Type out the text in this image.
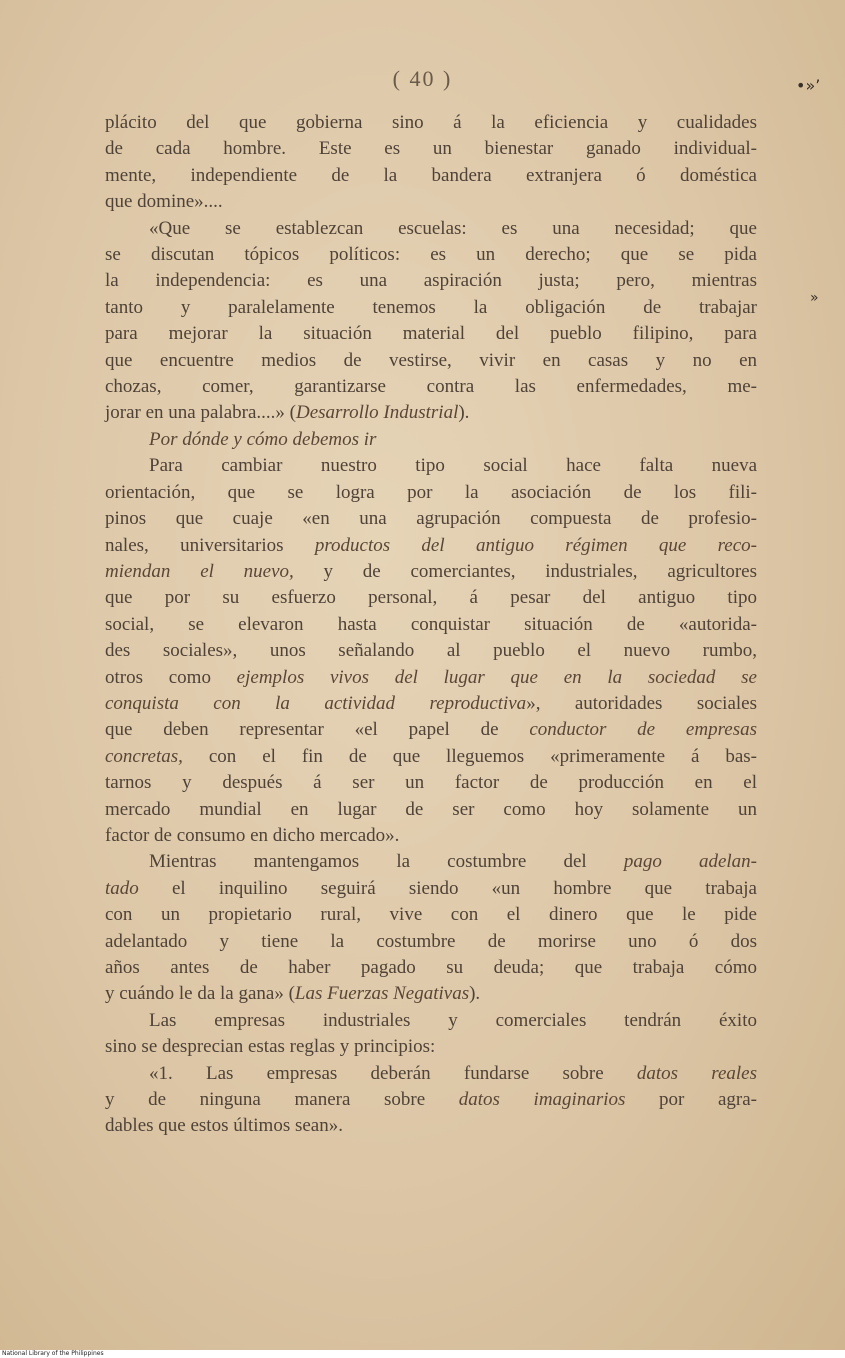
( 40 )	•»’
»
plácito del que gobierna sino á la eficiencia y cualidades
de cada hombre. Este es un bienestar ganado individual-
mente, independiente de la bandera extranjera ó doméstica
que domine»....
«Que se establezcan escuelas: es una necesidad; que
se discutan tópicos políticos: es un derecho; que se pida
la independencia: es una aspiración justa; pero, mientras
tanto y paralelamente tenemos la obligación de trabajar
para mejorar la situación material del pueblo filipino, para
que encuentre medios de vestirse, vivir en casas y no en
chozas, comer, garantizarse contra las enfermedades, me-
jorar en una palabra....» (Desarrollo Industrial).
Por dónde y cómo debemos ir
Para cambiar nuestro tipo social hace falta nueva
orientación, que se logra por la asociación de los fili-
pinos que cuaje «en una agrupación compuesta de profesio-
nales, universitarios productos del antiguo régimen que reco-
miendan el nuevo, y de comerciantes, industriales, agricultores
que por su esfuerzo personal, á pesar del antiguo tipo
social, se elevaron hasta conquistar situación de «autorida-
des sociales», unos señalando al pueblo el nuevo rumbo,
otros como ejemplos vivos del lugar que en la sociedad se
conquista con la actividad reproductiva», autoridades sociales
que deben representar «el papel de conductor de empresas
concretas, con el fin de que lleguemos «primeramente á bas-
tarnos y después á ser un factor de producción en el
mercado mundial en lugar de ser como hoy solamente un
factor de consumo en dicho mercado».
Mientras mantengamos la costumbre del pago adelan-
tado el inquilino seguirá siendo «un hombre que trabaja
con un propietario rural, vive con el dinero que le pide
adelantado y tiene la costumbre de morirse uno ó dos
años antes de haber pagado su deuda; que trabaja cómo
y cuándo le da la gana» (Las Fuerzas Negativas).
Las empresas industriales y comerciales tendrán éxito
sino se desprecian estas reglas y principios:
«1. Las empresas deberán fundarse sobre datos reales
y de ninguna manera sobre datos imaginarios por agra-
dables que estos últimos sean».
National Library of the Philippines
